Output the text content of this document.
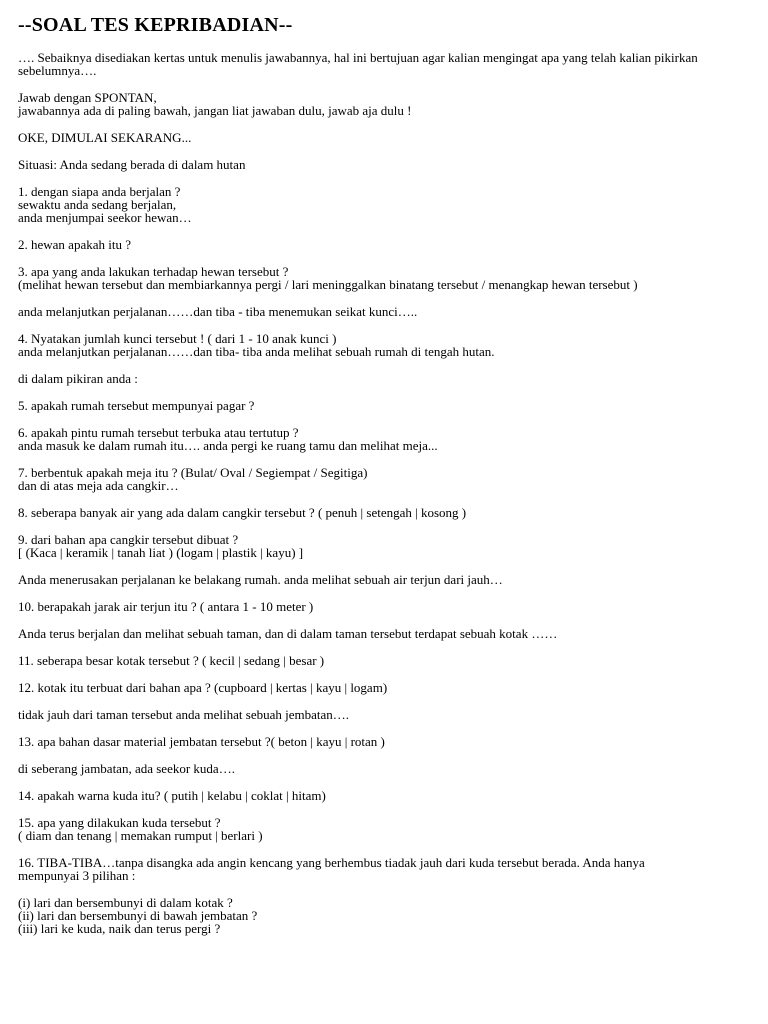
--SOAL TES KEPRIBADIAN--

…. Sebaiknya disediakan kertas untuk menulis jawabannya, hal ini bertujuan agar kalian mengingat apa yang telah kalian pikirkan
sebelumnya….

Jawab dengan SPONTAN,
jawabannya ada di paling bawah, jangan liat jawaban dulu, jawab aja dulu !

OKE, DIMULAI SEKARANG...

Situasi: Anda sedang berada di dalam hutan

1. dengan siapa anda berjalan ?
sewaktu anda sedang berjalan,
anda menjumpai seekor hewan…

2. hewan apakah itu ?

3. apa yang anda lakukan terhadap hewan tersebut ?
(melihat hewan tersebut dan membiarkannya pergi / lari meninggalkan binatang tersebut / menangkap hewan tersebut )

anda melanjutkan perjalanan……dan tiba - tiba menemukan seikat kunci…..

4. Nyatakan jumlah kunci tersebut ! ( dari 1 - 10 anak kunci )
anda melanjutkan perjalanan……dan tiba- tiba anda melihat sebuah rumah di tengah hutan.

di dalam pikiran anda :

5. apakah rumah tersebut mempunyai pagar ?

6. apakah pintu rumah tersebut terbuka atau tertutup ?
anda masuk ke dalam rumah itu…. anda pergi ke ruang tamu dan melihat meja...

7. berbentuk apakah meja itu ? (Bulat/ Oval / Segiempat / Segitiga)
dan di atas meja ada cangkir…

8. seberapa banyak air yang ada dalam cangkir tersebut ? ( penuh | setengah | kosong )

9. dari bahan apa cangkir tersebut dibuat ?
[ (Kaca | keramik | tanah liat ) (logam | plastik | kayu) ]

Anda menerusakan perjalanan ke belakang rumah. anda melihat sebuah air terjun dari jauh…

10. berapakah jarak air terjun itu ? ( antara 1 - 10 meter )

Anda terus berjalan dan melihat sebuah taman, dan di dalam taman tersebut terdapat sebuah kotak ……

11. seberapa besar kotak tersebut ? ( kecil | sedang | besar )

12. kotak itu terbuat dari bahan apa ? (cupboard | kertas | kayu | logam)

tidak jauh dari taman tersebut anda melihat sebuah jembatan….

13. apa bahan dasar material jembatan tersebut ?( beton | kayu | rotan )

di seberang jambatan, ada seekor kuda….

14. apakah warna kuda itu? ( putih | kelabu | coklat | hitam)

15. apa yang dilakukan kuda tersebut ?
( diam dan tenang | memakan rumput | berlari )

16. TIBA-TIBA…tanpa disangka ada angin kencang yang berhembus tiadak jauh dari kuda tersebut berada. Anda hanya
mempunyai 3 pilihan :

(i) lari dan bersembunyi di dalam kotak ?
(ii) lari dan bersembunyi di bawah jembatan ?
(iii) lari ke kuda, naik dan terus pergi ?
